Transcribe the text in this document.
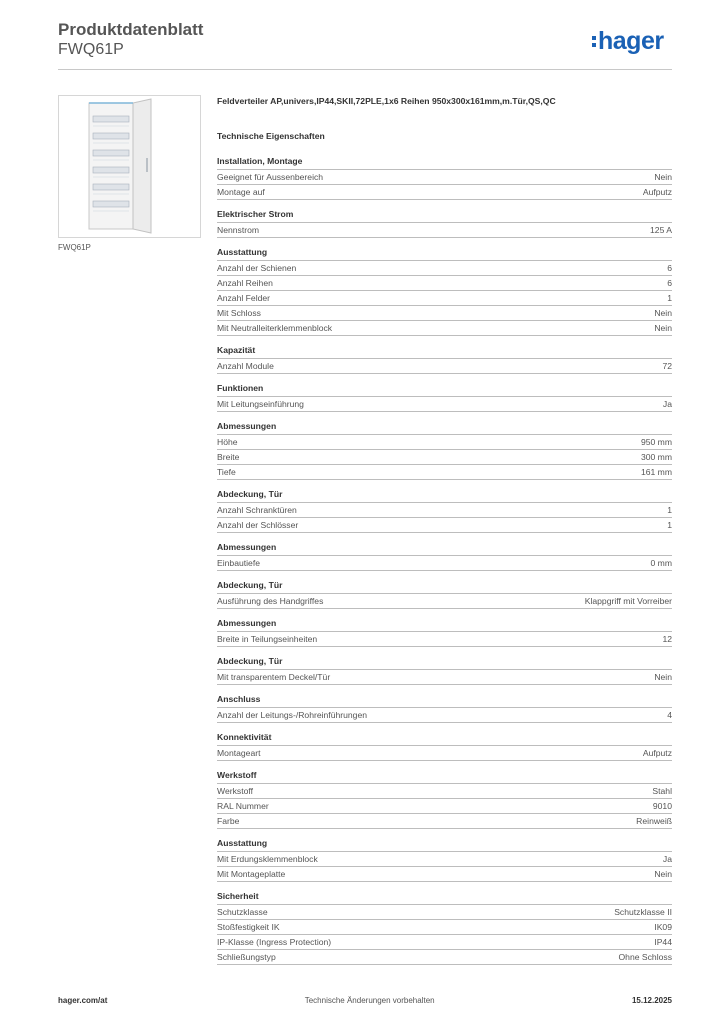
Produktdatenblatt
FWQ61P	hager
FWQ61P
Feldverteiler AP,univers,IP44,SKII,72PLE,1x6 Reihen 950x300x161mm,m.Tür,QS,QC
Technische Eigenschaften
Installation, Montage
Geeignet für Aussenbereich	Nein
Montage auf	Aufputz
Elektrischer Strom
Nennstrom	125 A
Ausstattung
Anzahl der Schienen	6
Anzahl Reihen	6
Anzahl Felder	1
Mit Schloss	Nein
Mit Neutralleiterklemmenblock	Nein
Kapazität
Anzahl Module	72
Funktionen
Mit Leitungseinführung	Ja
Abmessungen
Höhe	950 mm
Breite	300 mm
Tiefe	161 mm
Abdeckung, Tür
Anzahl Schranktüren	1
Anzahl der Schlösser	1
Abmessungen
Einbautiefe	0 mm
Abdeckung, Tür
Ausführung des Handgriffes	Klappgriff mit Vorreiber
Abmessungen
Breite in Teilungseinheiten	12
Abdeckung, Tür
Mit transparentem Deckel/Tür	Nein
Anschluss
Anzahl der Leitungs-/Rohreinführungen	4
Konnektivität
Montageart	Aufputz
Werkstoff
Werkstoff	Stahl
RAL Nummer	9010
Farbe	Reinweiß
Ausstattung
Mit Erdungsklemmenblock	Ja
Mit Montageplatte	Nein
Sicherheit
Schutzklasse	Schutzklasse II
Stoßfestigkeit IK	IK09
IP-Klasse (Ingress Protection)	IP44
Schließungstyp	Ohne Schloss
hager.com/at	Technische Änderungen vorbehalten	15.12.2025
